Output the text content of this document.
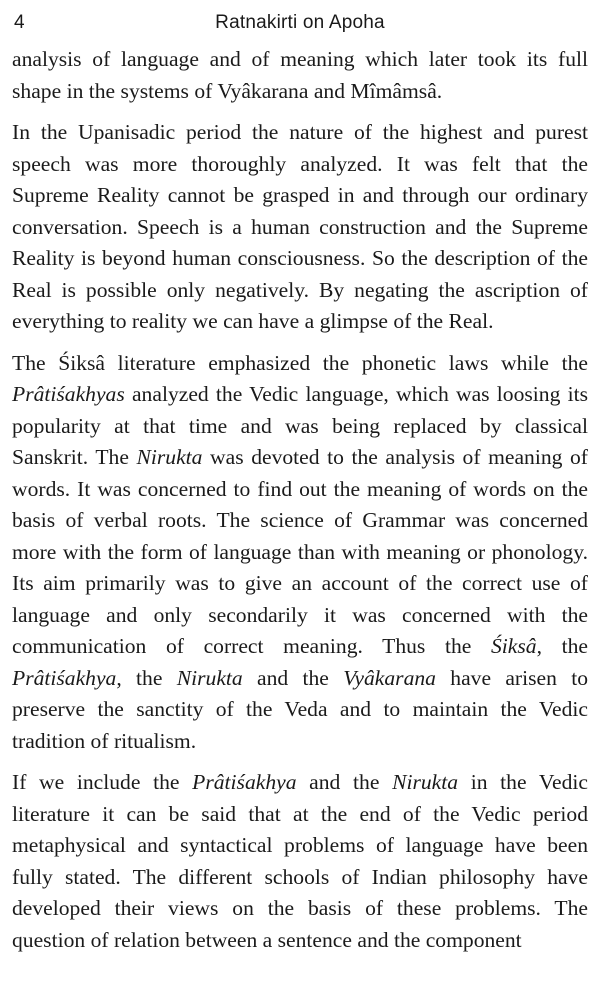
4	Ratnakirti on Apoha

analysis of language and of meaning which later took its full shape in the systems of Vyâkarana and Mîmâmsâ.

In the Upanisadic period the nature of the highest and purest speech was more thoroughly analyzed. It was felt that the Supreme Reality cannot be grasped in and through our ordinary conversation. Speech is a human construction and the Supreme Reality is beyond human consciousness. So the description of the Real is possible only negatively. By negating the ascription of everything to reality we can have a glimpse of the Real.

The Śiksâ literature emphasized the phonetic laws while the Prâtiśakhyas analyzed the Vedic language, which was loosing its popularity at that time and was being replaced by classical Sanskrit. The Nirukta was devoted to the analysis of meaning of words. It was concerned to find out the meaning of words on the basis of verbal roots. The science of Grammar was concerned more with the form of language than with meaning or phonology. Its aim primarily was to give an account of the correct use of language and only secondarily it was concerned with the communication of correct meaning. Thus the Śiksâ, the Prâtiśakhya, the Nirukta and the Vyâkarana have arisen to preserve the sanctity of the Veda and to maintain the Vedic tradition of ritualism.

If we include the Prâtiśakhya and the Nirukta in the Vedic literature it can be said that at the end of the Vedic period metaphysical and syntactical problems of language have been fully stated. The different schools of Indian philosophy have developed their views on the basis of these problems. The question of relation between a sentence and the component
